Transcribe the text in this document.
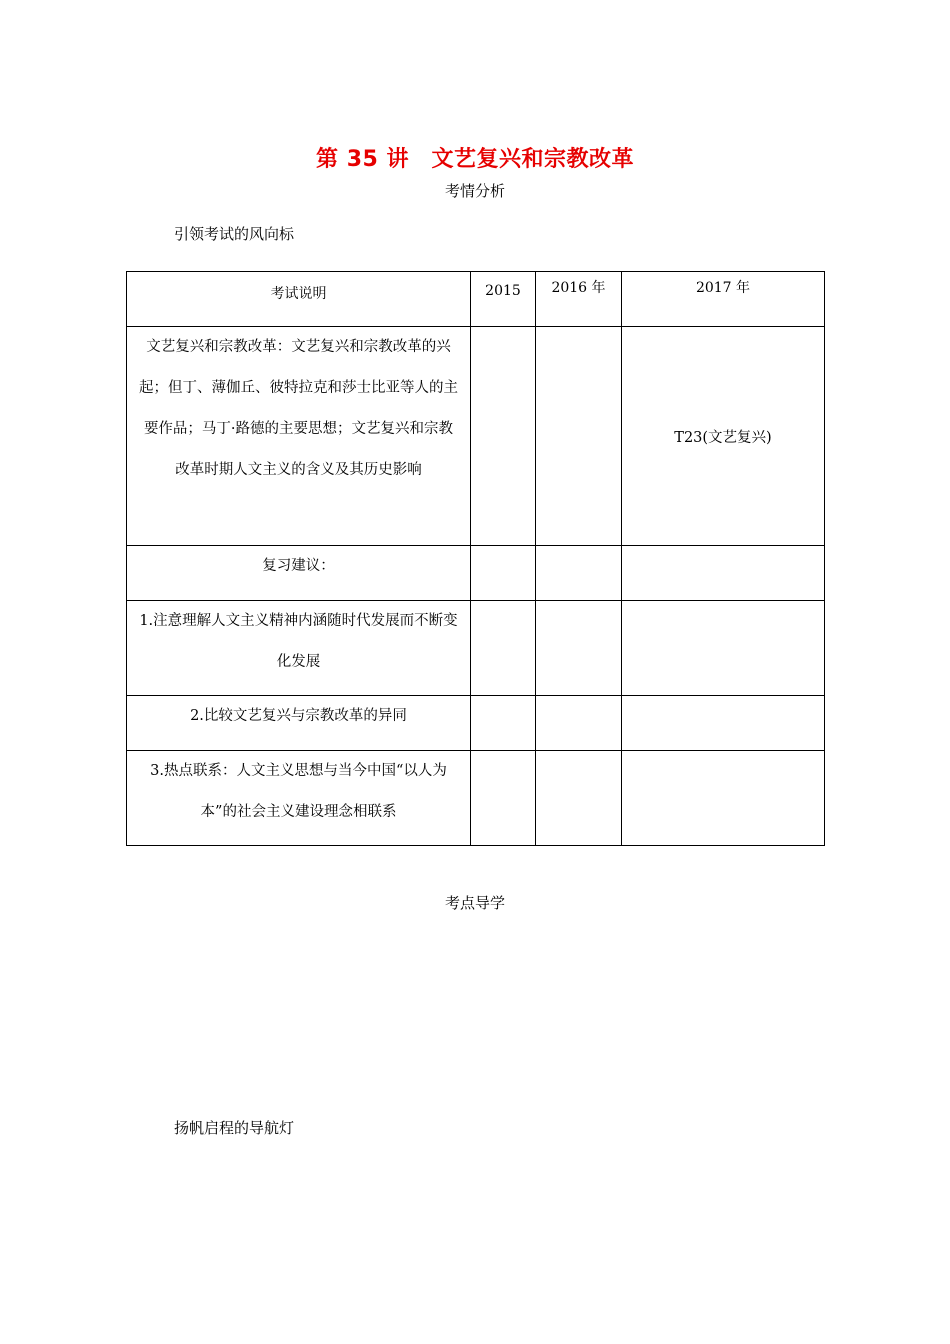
第 35 讲　文艺复兴和宗教改革
考情分析
引领考试的风向标
考试说明	2015	2016 年	2017 年

文艺复兴和宗教改革：文艺复兴和宗教改革的兴起；但丁、薄伽丘、彼特拉克和莎士比亚等人的主要作品；马丁·路德的主要思想；文艺复兴和宗教改革时期人文主义的含义及其历史影响			T23(文艺复兴)

复习建议：			

1.注意理解人文主义精神内涵随时代发展而不断变化发展			

2.比较文艺复兴与宗教改革的异同			

3.热点联系：人文主义思想与当今中国“以人为本”的社会主义建设理念相联系			

考点导学
扬帆启程的导航灯
